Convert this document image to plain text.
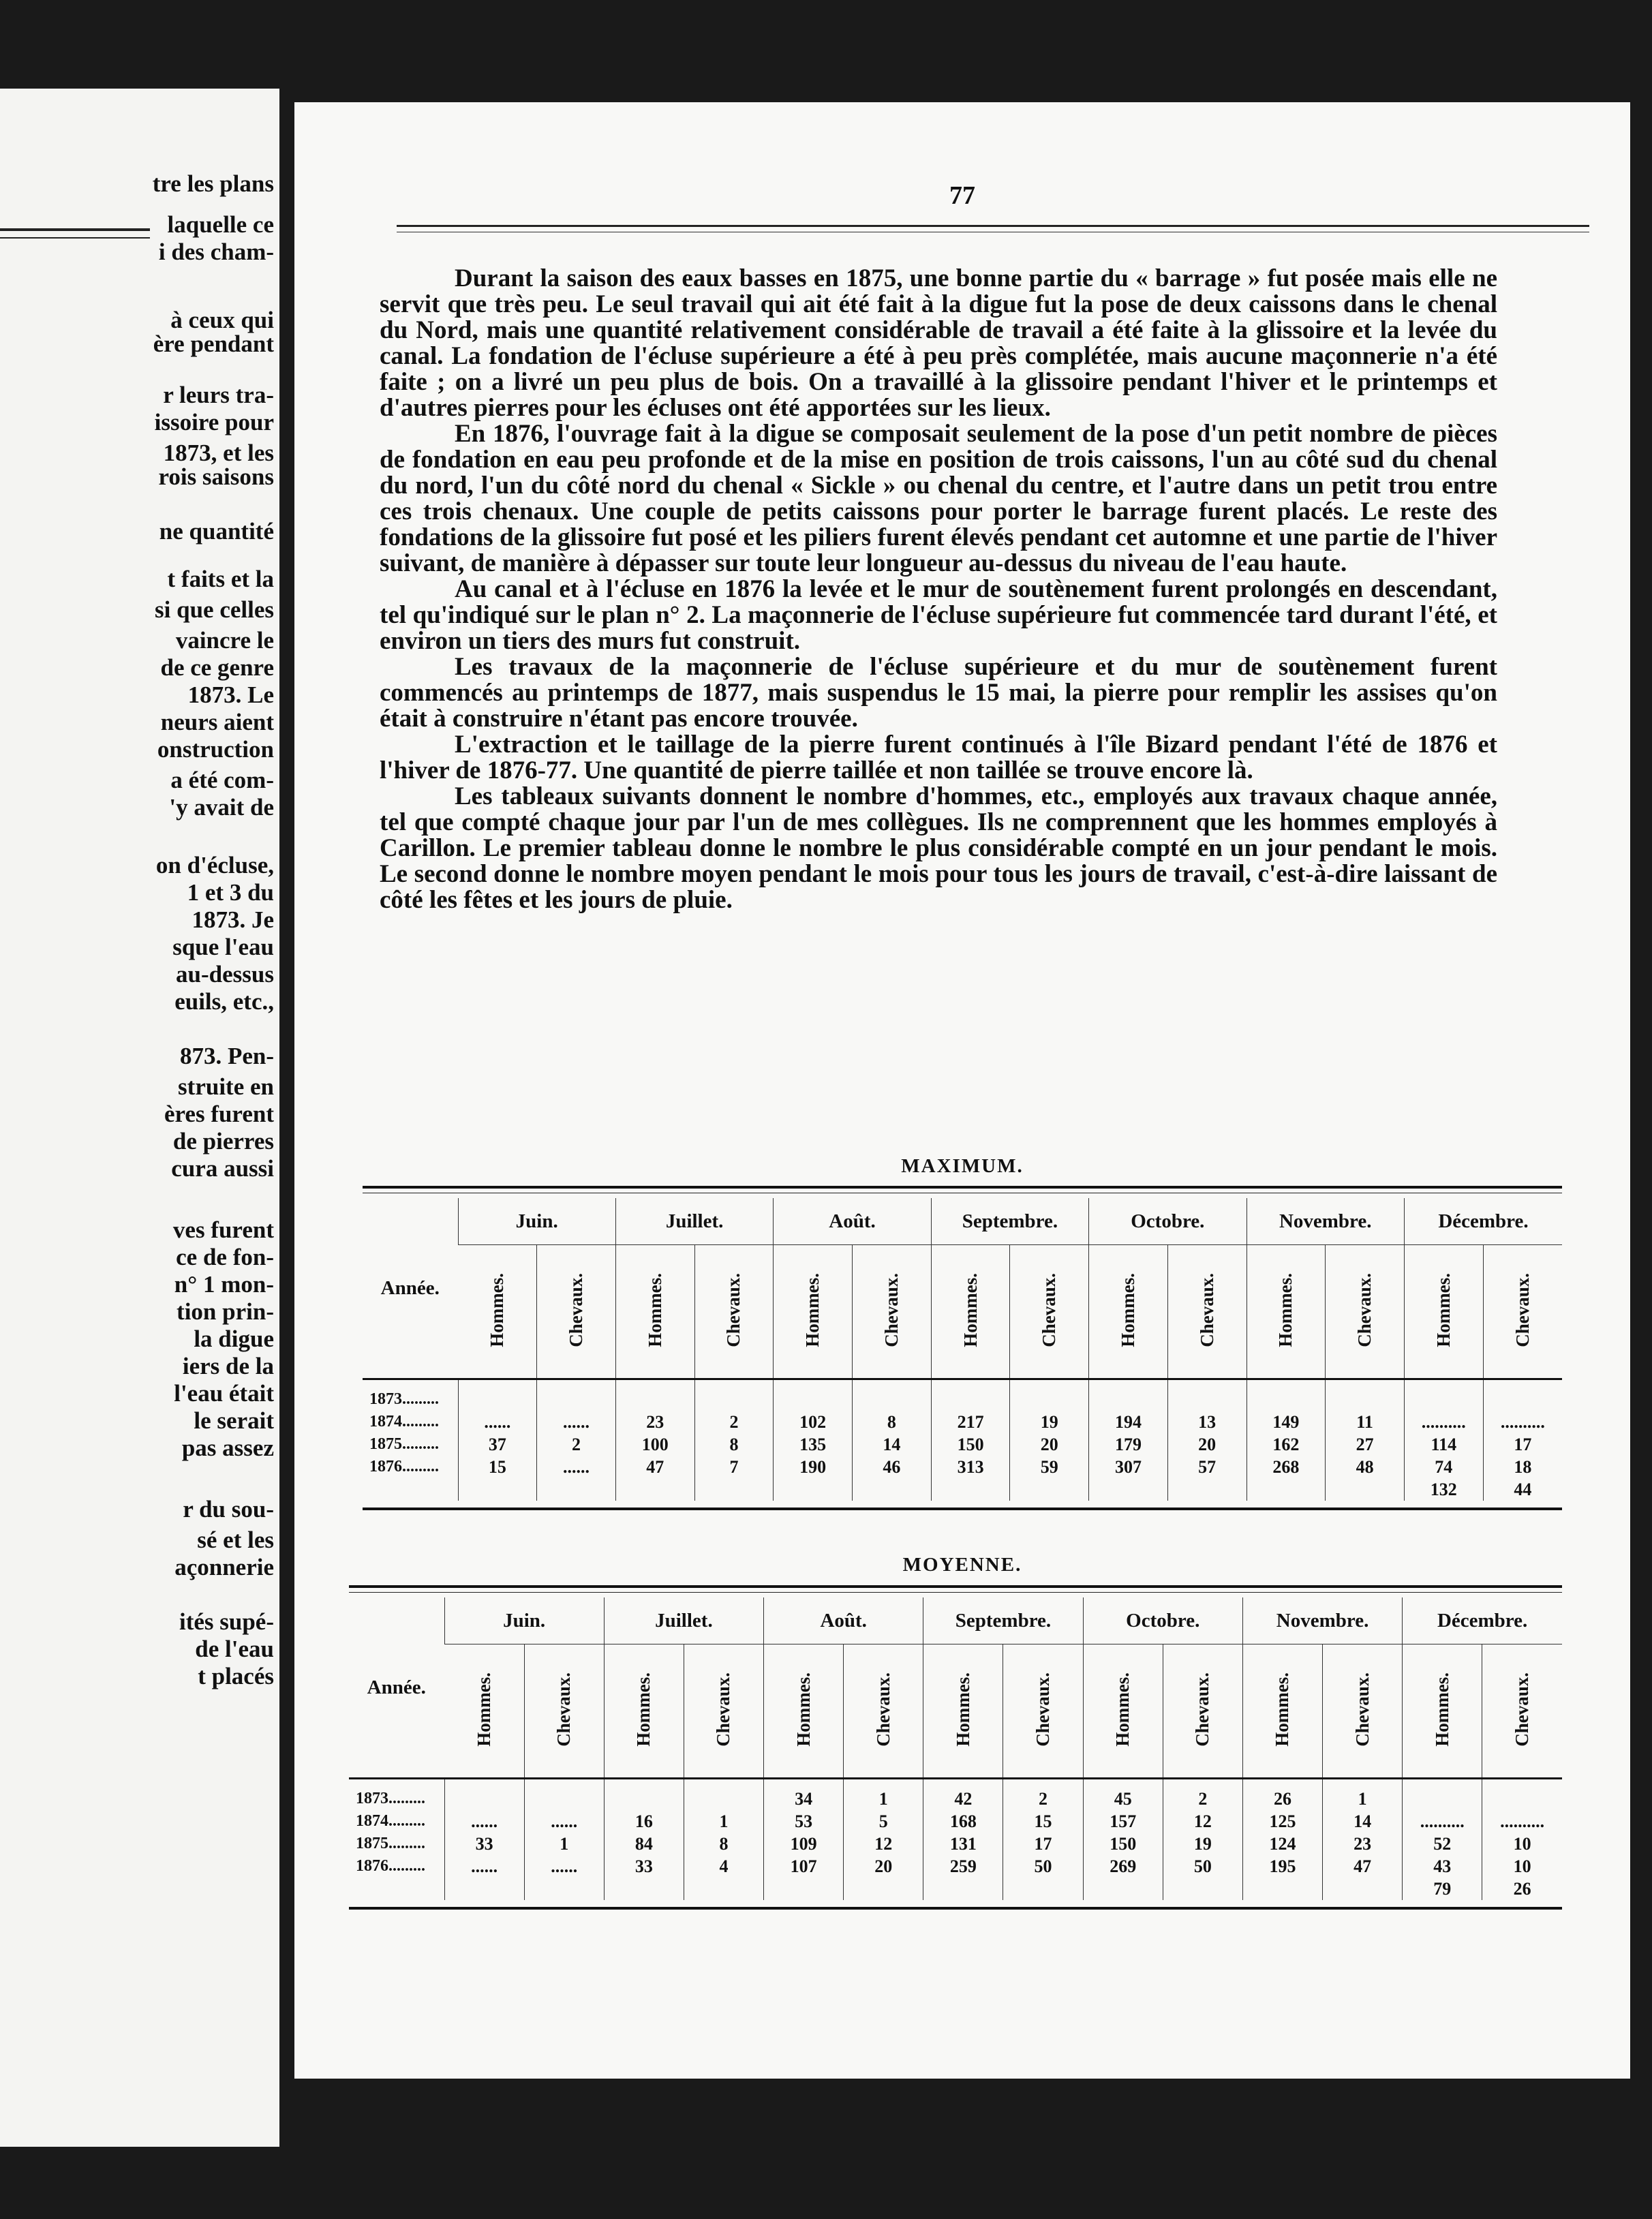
tre les plans
laquelle ce
i des cham-
à ceux qui
ère pendant
r leurs tra-
issoire pour
1873, et les
rois saisons
ne quantité
t faits et la
si que celles
vaincre le
de ce genre
1873. Le
neurs aient
onstruction
a été com-
'y avait de
on d'écluse,
1 et 3 du
1873. Je
sque l'eau
au-dessus
euils, etc.,
873. Pen-
struite en
ères furent
de pierres
cura aussi
ves furent
ce de fon-
n° 1 mon-
tion prin-
la digue
iers de la
l'eau était
le serait
pas assez
r du sou-
sé et les
açonnerie
ités supé-
de l'eau
t placés
77

Durant la saison des eaux basses en 1875, une bonne partie du « barrage » fut posée mais elle ne servit que très peu. Le seul travail qui ait été fait à la digue fut la pose de deux caissons dans le chenal du Nord, mais une quantité relativement considérable de travail a été faite à la glissoire et la levée du canal. La fondation de l'écluse supérieure a été à peu près complétée, mais aucune maçonnerie n'a été faite ; on a livré un peu plus de bois. On a travaillé à la glissoire pendant l'hiver et le printemps et d'autres pierres pour les écluses ont été apportées sur les lieux.

En 1876, l'ouvrage fait à la digue se composait seulement de la pose d'un petit nombre de pièces de fondation en eau peu profonde et de la mise en position de trois caissons, l'un au côté sud du chenal du nord, l'un du côté nord du chenal « Sickle » ou chenal du centre, et l'autre dans un petit trou entre ces trois chenaux. Une couple de petits caissons pour porter le barrage furent placés. Le reste des fondations de la glissoire fut posé et les piliers furent élevés pendant cet automne et une partie de l'hiver suivant, de manière à dépasser sur toute leur longueur au-dessus du niveau de l'eau haute.

Au canal et à l'écluse en 1876 la levée et le mur de soutènement furent prolongés en descendant, tel qu'indiqué sur le plan n° 2. La maçonnerie de l'écluse supérieure fut commencée tard durant l'été, et environ un tiers des murs fut construit.

Les travaux de la maçonnerie de l'écluse supérieure et du mur de soutènement furent commencés au printemps de 1877, mais suspendus le 15 mai, la pierre pour remplir les assises qu'on était à construire n'étant pas encore trouvée.

L'extraction et le taillage de la pierre furent continués à l'île Bizard pendant l'été de 1876 et l'hiver de 1876-77. Une quantité de pierre taillée et non taillée se trouve encore là.

Les tableaux suivants donnent le nombre d'hommes, etc., employés aux travaux chaque année, tel que compté chaque jour par l'un de mes collègues. Ils ne comprennent que les hommes employés à Carillon. Le premier tableau donne le nombre le plus considérable compté en un jour pendant le mois. Le second donne le nombre moyen pendant le mois pour tous les jours de travail, c'est-à-dire laissant de côté les fêtes et les jours de pluie.

MAXIMUM.
Année.	Juin.		Juillet.		Août.		Septembre.		Octobre.		Novembre.		Décembre.	
	Hommes.	Chevaux.	Hommes.	Chevaux.	Hommes.	Chevaux.	Hommes.	Chevaux.	Hommes.	Chevaux.	Hommes.	Chevaux.	Hommes.	Chevaux.
1873.........														
1874.........	......	......	23	2	102	8	217	19	194	13	149	11	..........	..........
1875.........	37	2	100	8	135	14	150	20	179	20	162	27	114	17
1876.........	15	......	47	7	190	46	313	59	307	57	268	48	74	18
													132	44
MOYENNE.
Année.	Juin.		Juillet.		Août.		Septembre.		Octobre.		Novembre.		Décembre.	
	Hommes.	Chevaux.	Hommes.	Chevaux.	Hommes.	Chevaux.	Hommes.	Chevaux.	Hommes.	Chevaux.	Hommes.	Chevaux.	Hommes.	Chevaux.
1873.........					34	1	42	2	45	2	26	1		
1874.........	......	......	16	1	53	5	168	15	157	12	125	14	..........	..........
1875.........	33	1	84	8	109	12	131	17	150	19	124	23	52	10
1876.........	......	......	33	4	107	20	259	50	269	50	195	47	43	10
													79	26
